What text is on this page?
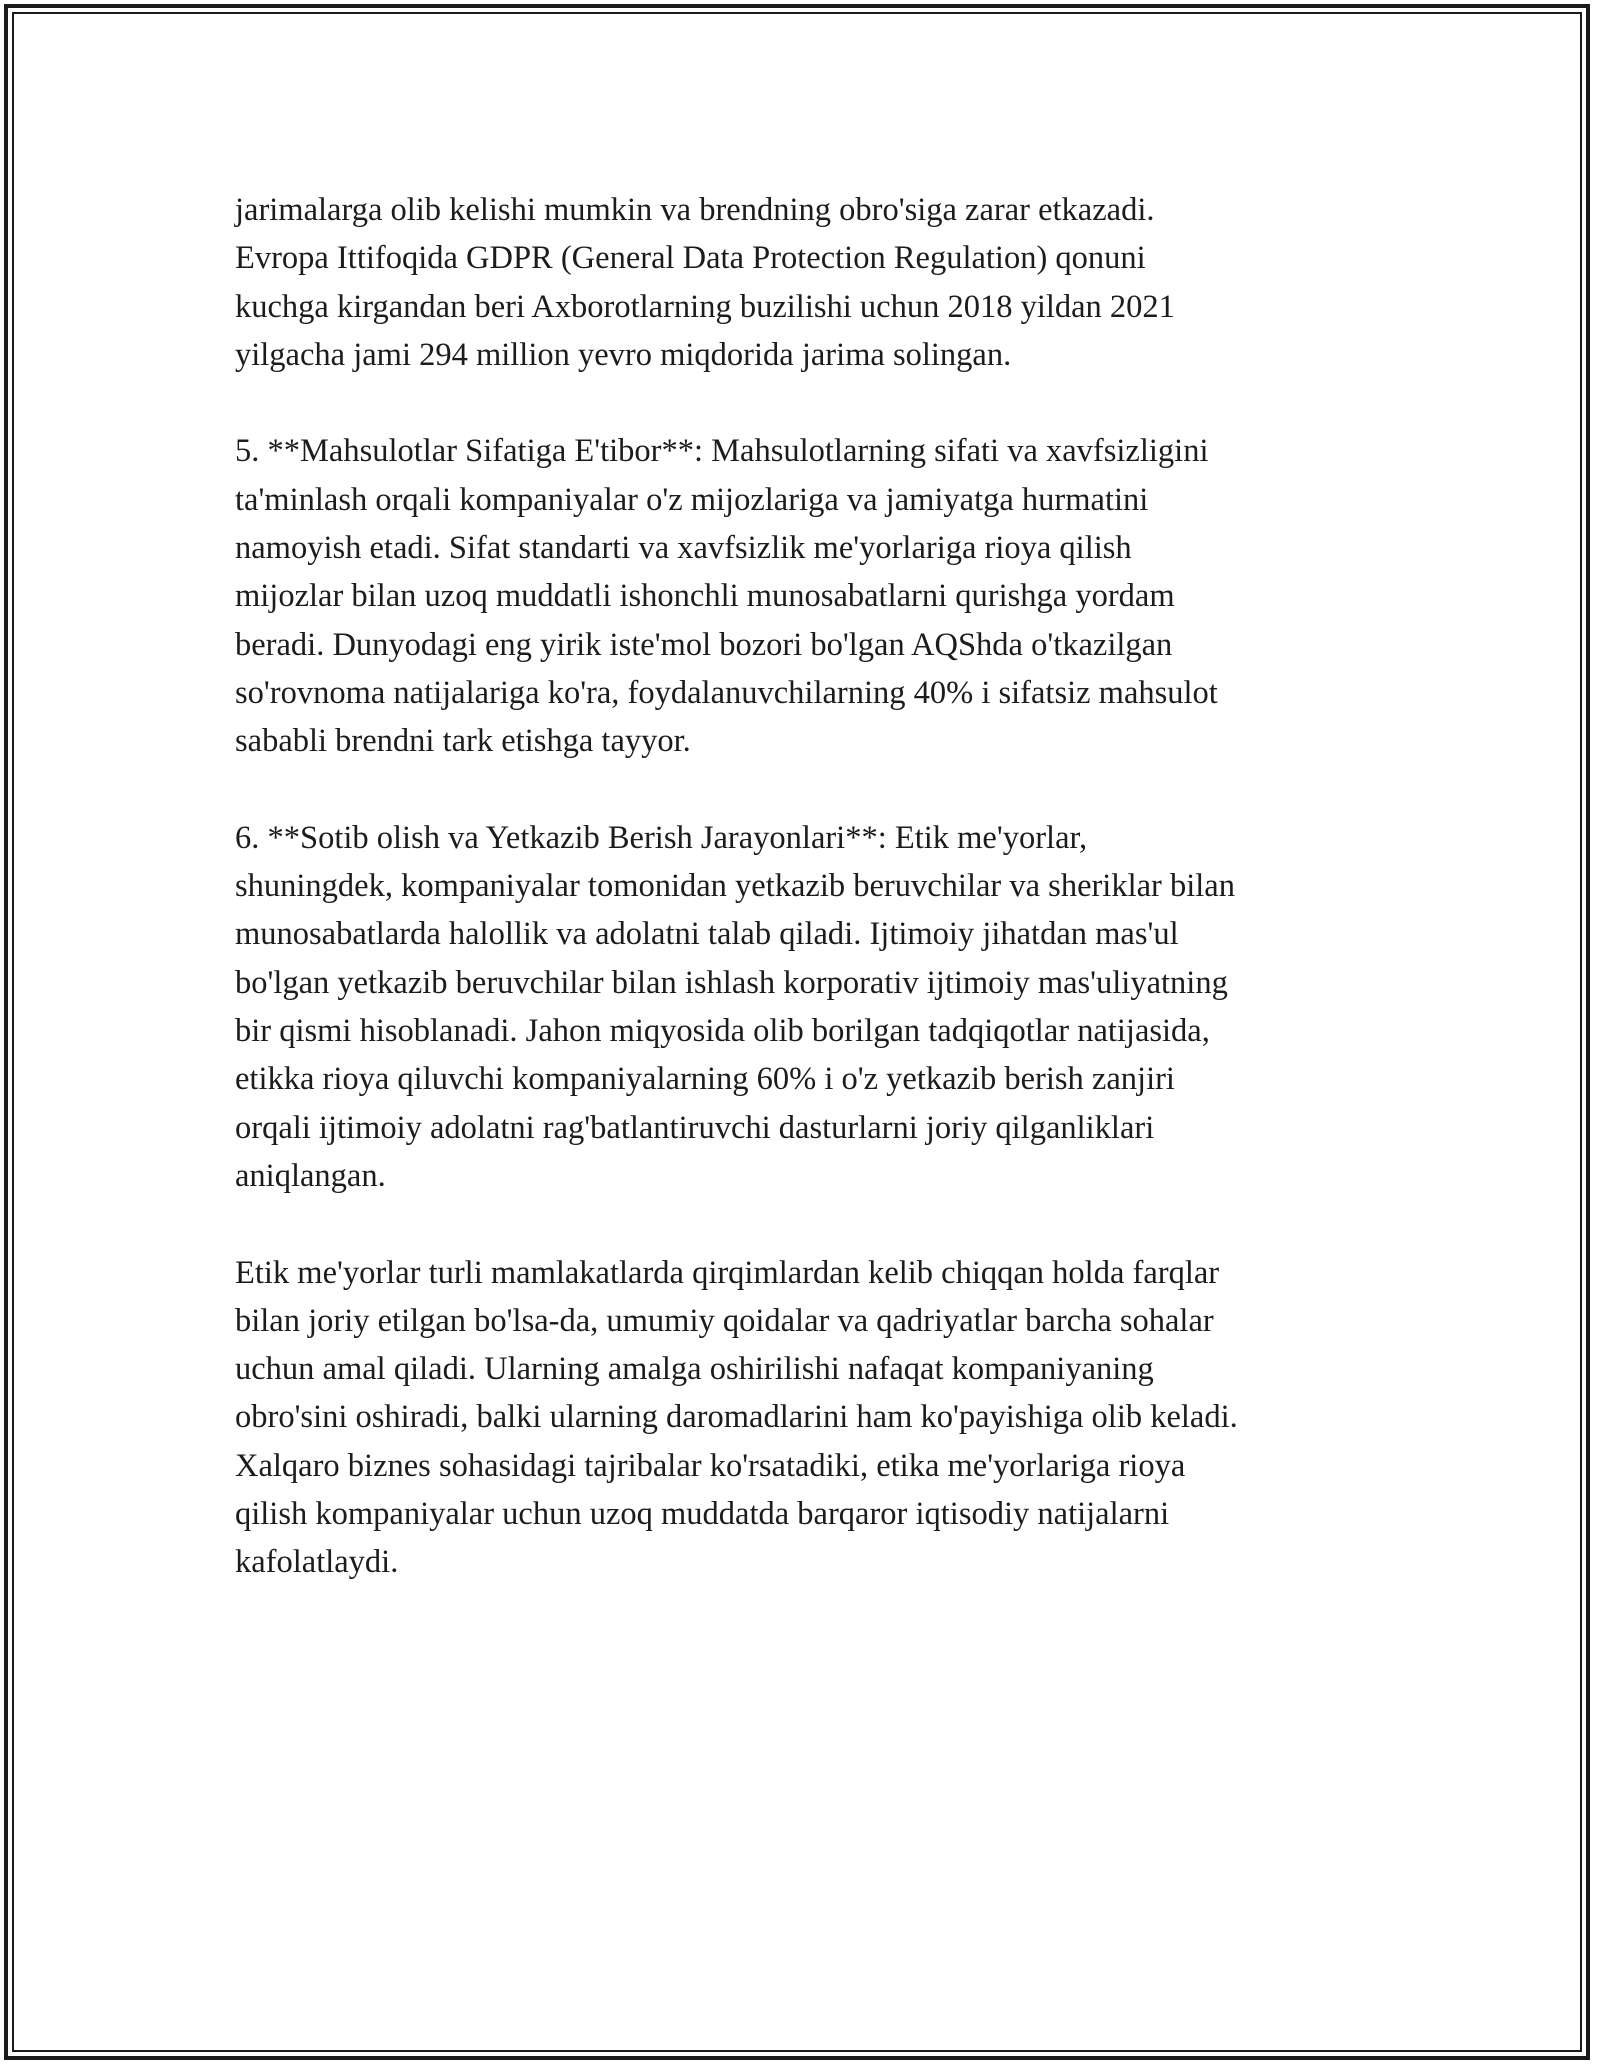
jarimalarga olib kelishi mumkin va brendning obro'siga zarar etkazadi.
Evropa Ittifoqida GDPR (General Data Protection Regulation) qonuni
kuchga kirgandan beri Axborotlarning buzilishi uchun 2018 yildan 2021
yilgacha jami 294 million yevro miqdorida jarima solingan.

5. **Mahsulotlar Sifatiga E'tibor**: Mahsulotlarning sifati va xavfsizligini
ta'minlash orqali kompaniyalar o'z mijozlariga va jamiyatga hurmatini
namoyish etadi. Sifat standarti va xavfsizlik me'yorlariga rioya qilish
mijozlar bilan uzoq muddatli ishonchli munosabatlarni qurishga yordam
beradi. Dunyodagi eng yirik iste'mol bozori bo'lgan AQShda o'tkazilgan
so'rovnoma natijalariga ko'ra, foydalanuvchilarning 40% i sifatsiz mahsulot
sababli brendni tark etishga tayyor.

6. **Sotib olish va Yetkazib Berish Jarayonlari**: Etik me'yorlar,
shuningdek, kompaniyalar tomonidan yetkazib beruvchilar va sheriklar bilan
munosabatlarda halollik va adolatni talab qiladi. Ijtimoiy jihatdan mas'ul
bo'lgan yetkazib beruvchilar bilan ishlash korporativ ijtimoiy mas'uliyatning
bir qismi hisoblanadi. Jahon miqyosida olib borilgan tadqiqotlar natijasida,
etikka rioya qiluvchi kompaniyalarning 60% i o'z yetkazib berish zanjiri
orqali ijtimoiy adolatni rag'batlantiruvchi dasturlarni joriy qilganliklari
aniqlangan.

Etik me'yorlar turli mamlakatlarda qirqimlardan kelib chiqqan holda farqlar
bilan joriy etilgan bo'lsa-da, umumiy qoidalar va qadriyatlar barcha sohalar
uchun amal qiladi. Ularning amalga oshirilishi nafaqat kompaniyaning
obro'sini oshiradi, balki ularning daromadlarini ham ko'payishiga olib keladi.
Xalqaro biznes sohasidagi tajribalar ko'rsatadiki, etika me'yorlariga rioya
qilish kompaniyalar uchun uzoq muddatda barqaror iqtisodiy natijalarni
kafolatlaydi.
